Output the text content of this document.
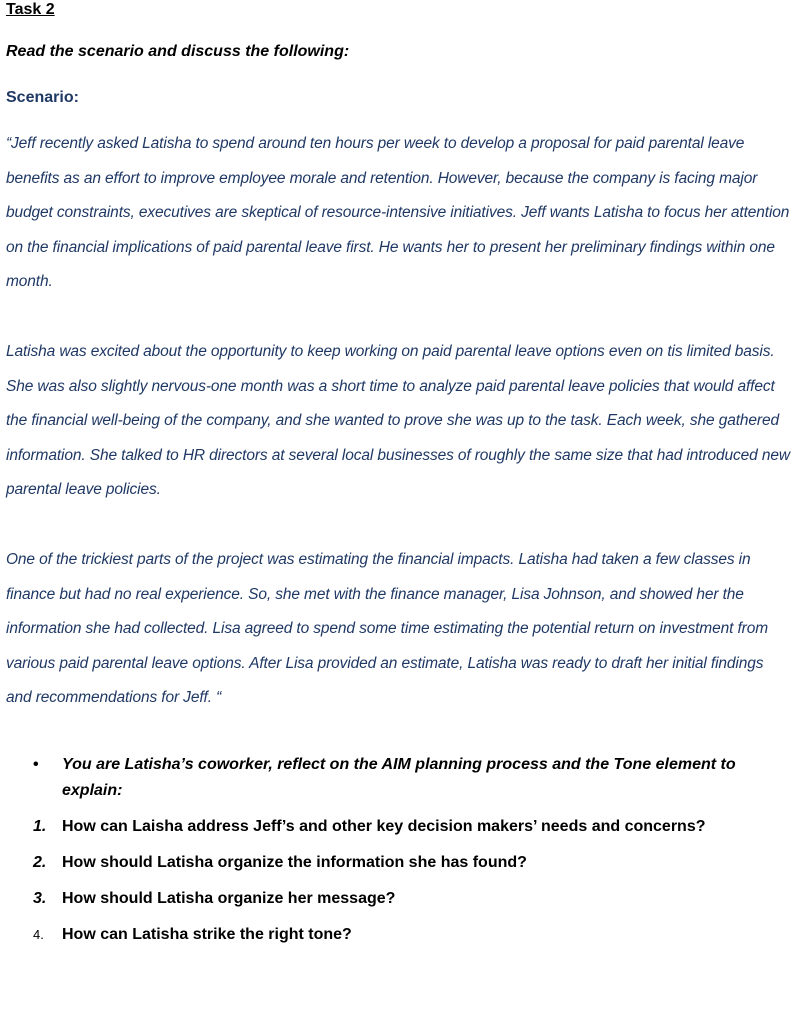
Task 2

Read the scenario and discuss the following:

Scenario:

“Jeff recently asked Latisha to spend around ten hours per week to develop a proposal for paid parental leave benefits as an effort to improve employee morale and retention. However, because the company is facing major budget constraints, executives are skeptical of resource-intensive initiatives. Jeff wants Latisha to focus her attention on the financial implications of paid parental leave first. He wants her to present her preliminary findings within one month.

Latisha was excited about the opportunity to keep working on paid parental leave options even on tis limited basis. She was also slightly nervous-one month was a short time to analyze paid parental leave policies that would affect the financial well-being of the company, and she wanted to prove she was up to the task. Each week, she gathered information. She talked to HR directors at several local businesses of roughly the same size that had introduced new parental leave policies.

One of the trickiest parts of the project was estimating the financial impacts. Latisha had taken a few classes in finance but had no real experience. So, she met with the finance manager, Lisa Johnson, and showed her the information she had collected. Lisa agreed to spend some time estimating the potential return on investment from various paid parental leave options. After Lisa provided an estimate, Latisha was ready to draft her initial findings and recommendations for Jeff. “

• You are Latisha’s coworker, reflect on the AIM planning process and the Tone element to explain:

1. How can Laisha address Jeff’s and other key decision makers’ needs and concerns?

2. How should Latisha organize the information she has found?

3. How should Latisha organize her message?

4. How can Latisha strike the right tone?
